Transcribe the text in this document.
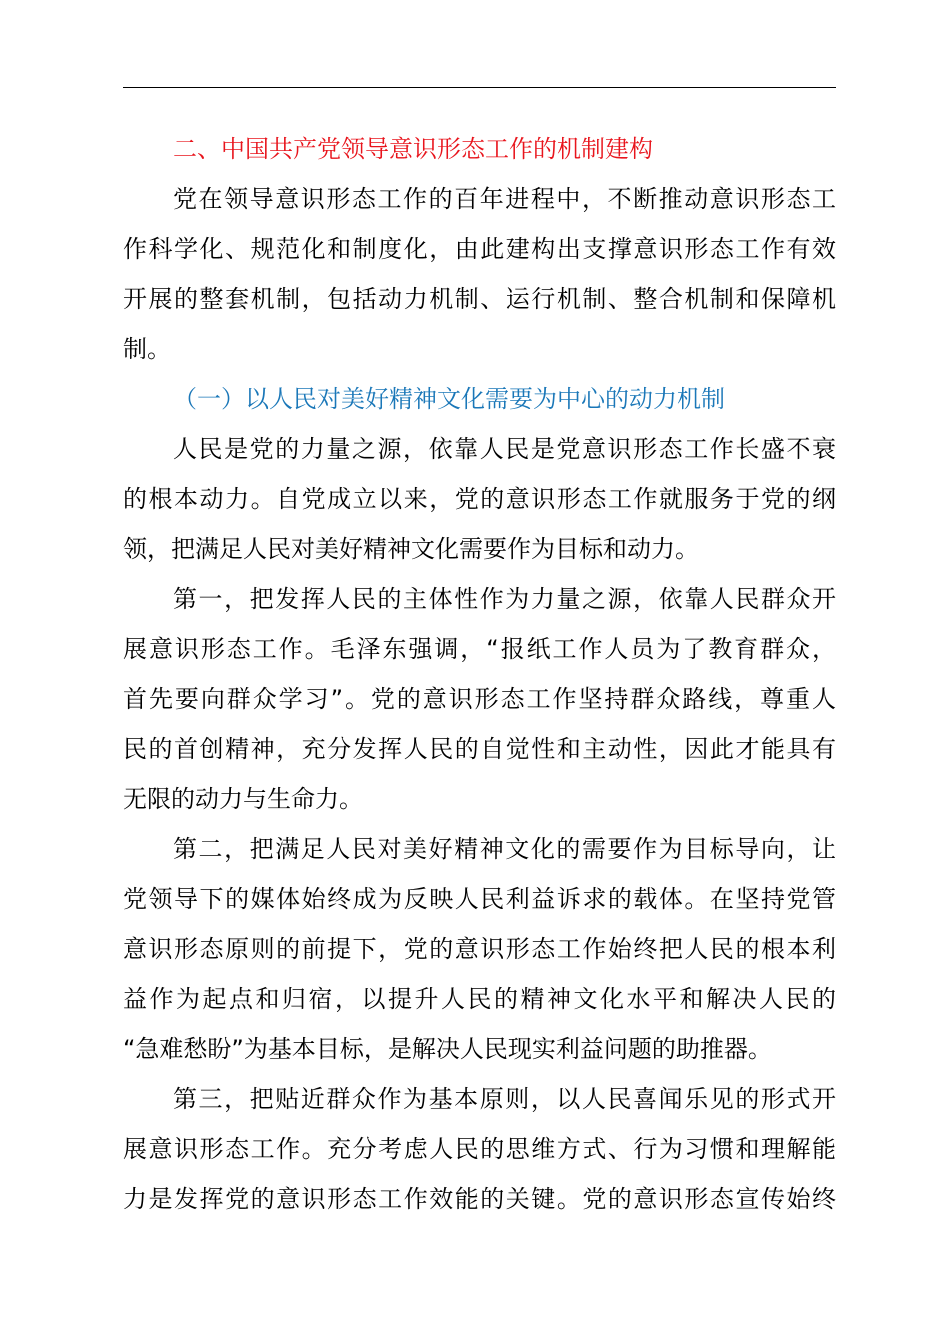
二、中国共产党领导意识形态工作的机制建构

党在领导意识形态工作的百年进程中，不断推动意识形态工
作科学化、规范化和制度化，由此建构出支撑意识形态工作有效
开展的整套机制，包括动力机制、运行机制、整合机制和保障机
制。

（一）以人民对美好精神文化需要为中心的动力机制

人民是党的力量之源，依靠人民是党意识形态工作长盛不衰
的根本动力。自党成立以来，党的意识形态工作就服务于党的纲
领，把满足人民对美好精神文化需要作为目标和动力。

第一，把发挥人民的主体性作为力量之源，依靠人民群众开
展意识形态工作。毛泽东强调，“报纸工作人员为了教育群众，
首先要向群众学习”。党的意识形态工作坚持群众路线，尊重人
民的首创精神，充分发挥人民的自觉性和主动性，因此才能具有
无限的动力与生命力。

第二，把满足人民对美好精神文化的需要作为目标导向，让
党领导下的媒体始终成为反映人民利益诉求的载体。在坚持党管
意识形态原则的前提下，党的意识形态工作始终把人民的根本利
益作为起点和归宿，以提升人民的精神文化水平和解决人民的
“急难愁盼”为基本目标，是解决人民现实利益问题的助推器。

第三，把贴近群众作为基本原则，以人民喜闻乐见的形式开
展意识形态工作。充分考虑人民的思维方式、行为习惯和理解能
力是发挥党的意识形态工作效能的关键。党的意识形态宣传始终
